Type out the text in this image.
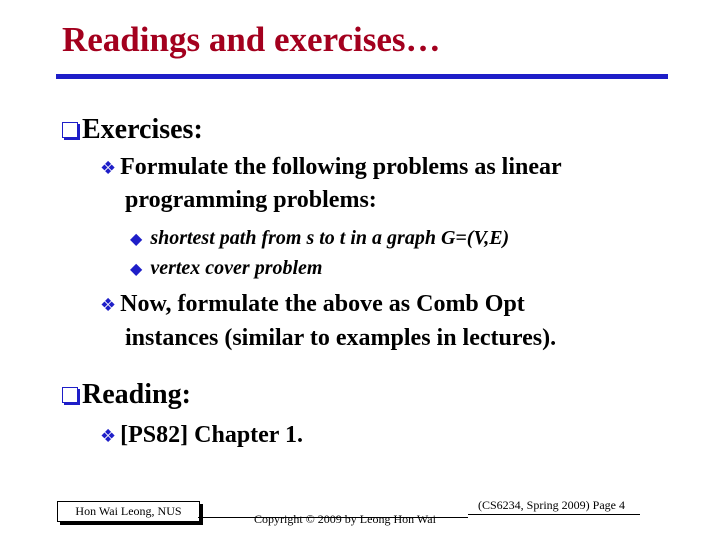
Readings and exercises…
Exercises:
❖ Formulate the following problems as linear
programming problems:
◆ shortest path from s to t in a graph G=(V,E)
◆ vertex cover problem
❖ Now, formulate the above as Comb Opt
instances (similar to examples in lectures).
Reading:
❖ [PS82] Chapter 1.
Hon Wai Leong, NUS
Copyright © 2009 by Leong Hon Wai
(CS6234, Spring 2009) Page 4
